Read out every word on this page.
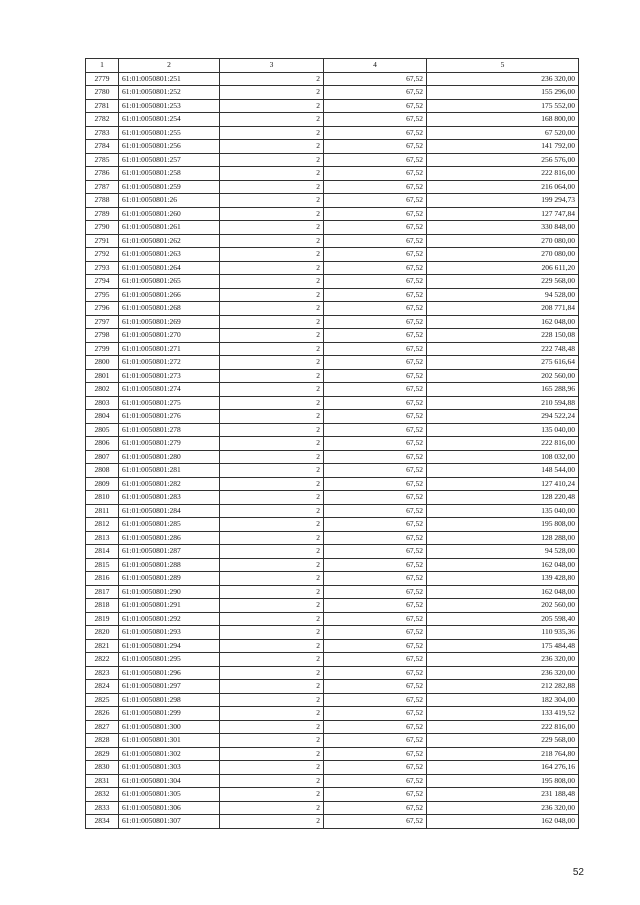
1	2	3	4	5
2779	61:01:0050801:251	2	67,52	236 320,00
2780	61:01:0050801:252	2	67,52	155 296,00
2781	61:01:0050801:253	2	67,52	175 552,00
2782	61:01:0050801:254	2	67,52	168 800,00
2783	61:01:0050801:255	2	67,52	67 520,00
2784	61:01:0050801:256	2	67,52	141 792,00
2785	61:01:0050801:257	2	67,52	256 576,00
2786	61:01:0050801:258	2	67,52	222 816,00
2787	61:01:0050801:259	2	67,52	216 064,00
2788	61:01:0050801:26	2	67,52	199 294,73
2789	61:01:0050801:260	2	67,52	127 747,84
2790	61:01:0050801:261	2	67,52	330 848,00
2791	61:01:0050801:262	2	67,52	270 080,00
2792	61:01:0050801:263	2	67,52	270 080,00
2793	61:01:0050801:264	2	67,52	206 611,20
2794	61:01:0050801:265	2	67,52	229 568,00
2795	61:01:0050801:266	2	67,52	94 528,00
2796	61:01:0050801:268	2	67,52	208 771,84
2797	61:01:0050801:269	2	67,52	162 048,00
2798	61:01:0050801:270	2	67,52	228 150,08
2799	61:01:0050801:271	2	67,52	222 748,48
2800	61:01:0050801:272	2	67,52	275 616,64
2801	61:01:0050801:273	2	67,52	202 560,00
2802	61:01:0050801:274	2	67,52	165 288,96
2803	61:01:0050801:275	2	67,52	210 594,88
2804	61:01:0050801:276	2	67,52	294 522,24
2805	61:01:0050801:278	2	67,52	135 040,00
2806	61:01:0050801:279	2	67,52	222 816,00
2807	61:01:0050801:280	2	67,52	108 032,00
2808	61:01:0050801:281	2	67,52	148 544,00
2809	61:01:0050801:282	2	67,52	127 410,24
2810	61:01:0050801:283	2	67,52	128 220,48
2811	61:01:0050801:284	2	67,52	135 040,00
2812	61:01:0050801:285	2	67,52	195 808,00
2813	61:01:0050801:286	2	67,52	128 288,00
2814	61:01:0050801:287	2	67,52	94 528,00
2815	61:01:0050801:288	2	67,52	162 048,00
2816	61:01:0050801:289	2	67,52	139 428,80
2817	61:01:0050801:290	2	67,52	162 048,00
2818	61:01:0050801:291	2	67,52	202 560,00
2819	61:01:0050801:292	2	67,52	205 598,40
2820	61:01:0050801:293	2	67,52	110 935,36
2821	61:01:0050801:294	2	67,52	175 484,48
2822	61:01:0050801:295	2	67,52	236 320,00
2823	61:01:0050801:296	2	67,52	236 320,00
2824	61:01:0050801:297	2	67,52	212 282,88
2825	61:01:0050801:298	2	67,52	182 304,00
2826	61:01:0050801:299	2	67,52	133 419,52
2827	61:01:0050801:300	2	67,52	222 816,00
2828	61:01:0050801:301	2	67,52	229 568,00
2829	61:01:0050801:302	2	67,52	218 764,80
2830	61:01:0050801:303	2	67,52	164 276,16
2831	61:01:0050801:304	2	67,52	195 808,00
2832	61:01:0050801:305	2	67,52	231 188,48
2833	61:01:0050801:306	2	67,52	236 320,00
2834	61:01:0050801:307	2	67,52	162 048,00
52
